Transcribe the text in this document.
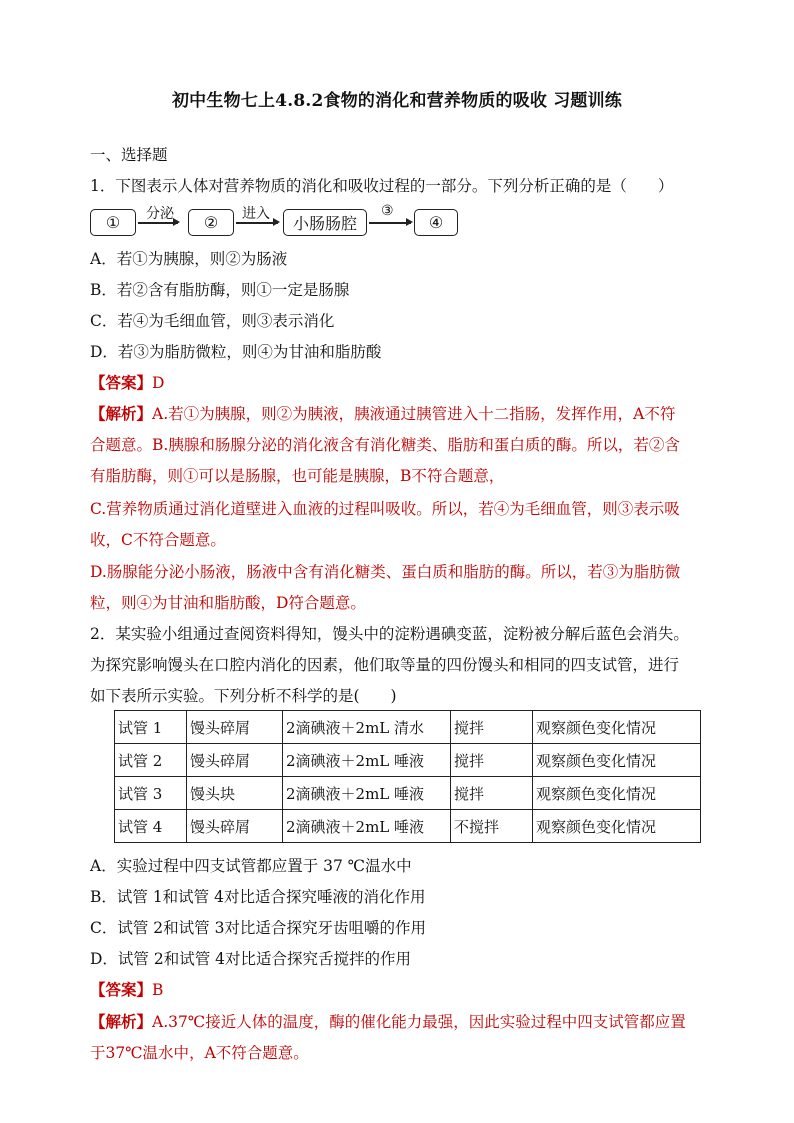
初中生物七上4.8.2食物的消化和营养物质的吸收 习题训练
一、选择题
1．下图表示人体对营养物质的消化和吸收过程的一部分。下列分析正确的是（　　）
①	分泌	②	进入	小肠肠腔
③
④
A．若①为胰腺，则②为肠液
B．若②含有脂肪酶，则①一定是肠腺
C．若④为毛细血管，则③表示消化
D．若③为脂肪微粒，则④为甘油和脂肪酸
【答案】D
【解析】A.若①为胰腺，则②为胰液，胰液通过胰管进入十二指肠，发挥作用，A不符
合题意。B.胰腺和肠腺分泌的消化液含有消化糖类、脂肪和蛋白质的酶。所以，若②含
有脂肪酶，则①可以是肠腺，也可能是胰腺，B不符合题意，
C.营养物质通过消化道壁进入血液的过程叫吸收。所以，若④为毛细血管，则③表示吸
收，C不符合题意。
D.肠腺能分泌小肠液，肠液中含有消化糖类、蛋白质和脂肪的酶。所以，若③为脂肪微
粒，则④为甘油和脂肪酸，D符合题意。
2．某实验小组通过查阅资料得知，馒头中的淀粉遇碘变蓝，淀粉被分解后蓝色会消失。
为探究影响馒头在口腔内消化的因素，他们取等量的四份馒头和相同的四支试管，进行
如下表所示实验。下列分析不科学的是(　　)
试管 1	馒头碎屑	2滴碘液＋2mL 清水	搅拌	观察颜色变化情况
试管 2	馒头碎屑	2滴碘液＋2mL 唾液	搅拌	观察颜色变化情况
试管 3	馒头块	2滴碘液＋2mL 唾液	搅拌	观察颜色变化情况
试管 4	馒头碎屑	2滴碘液＋2mL 唾液	不搅拌	观察颜色变化情况
A．实验过程中四支试管都应置于 37 ℃温水中
B．试管 1和试管 4对比适合探究唾液的消化作用
C．试管 2和试管 3对比适合探究牙齿咀嚼的作用
D．试管 2和试管 4对比适合探究舌搅拌的作用
【答案】B
【解析】A.37℃接近人体的温度，酶的催化能力最强，因此实验过程中四支试管都应置
于37℃温水中，A不符合题意。
